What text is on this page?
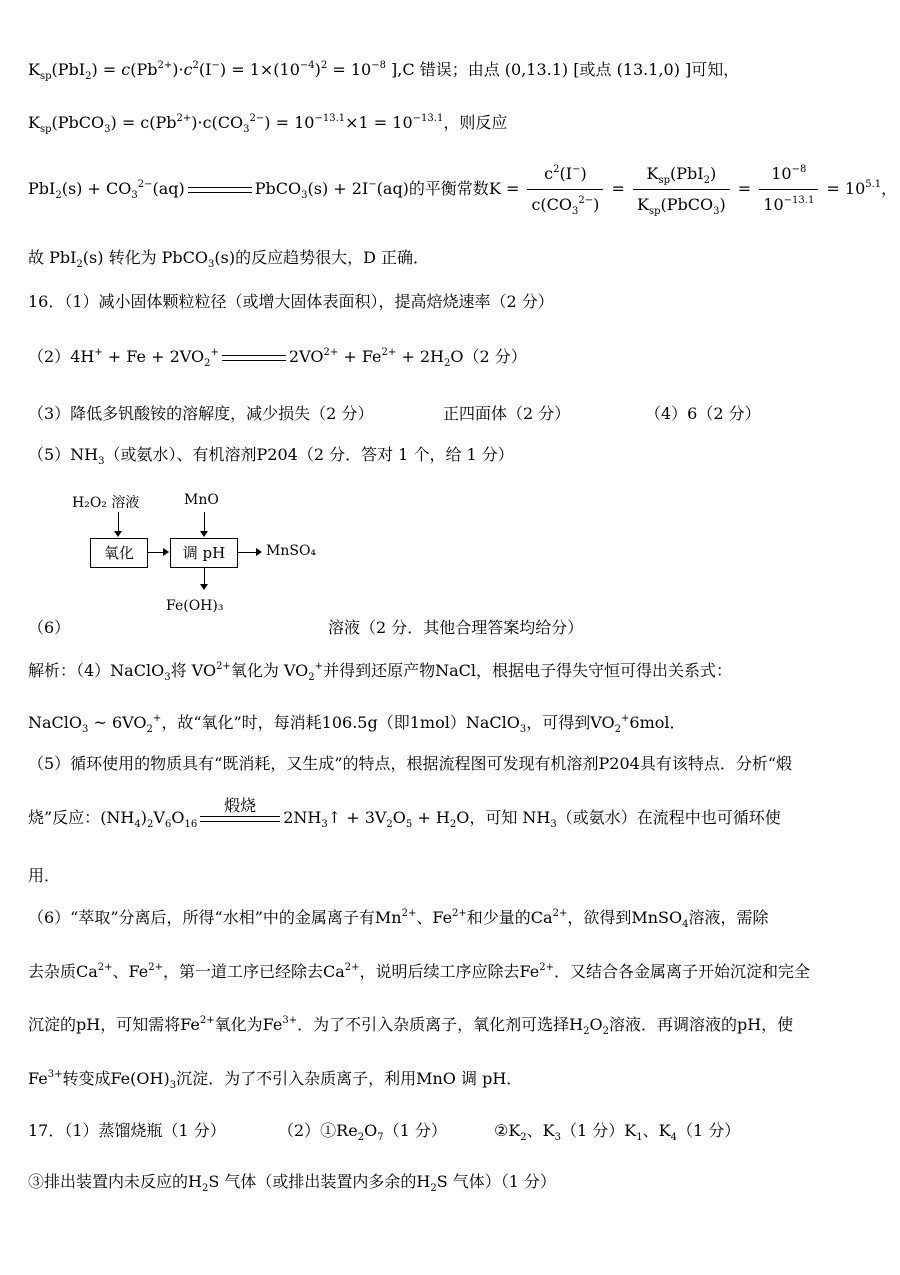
$K_{sp}(PbI_2) = c(Pb^{2+})\cdot c^2(I^-) = 1\times(10^{-4})^2 = 10^{-8}$ ],C 错误；由点 (0,13.1) [或点 (13.1,0) ]可知，
$K_{sp}(PbCO_3) = c(Pb^{2+})\cdot c(CO_3^{2-}) = 10^{-13.1}\times 1 = 10^{-13.1}$，则反应
$PbI_2(s) + CO_3^{2-}(aq)$	PbCO$_3$(s) + 2I−(aq)的平衡常数$K = \frac{c^2(I^-)}{c(CO_3^{2-})} = \frac{K_{sp}(PbI_2)}{K_{sp}(PbCO_3)} = \frac{10^{-8}}{10^{-13.1}} = 10^{5.1}$，
故 PbI$_2$(s) 转化为 PbCO$_3$(s)的反应趋势很大，D 正确．
16．（1）减小固体颗粒粒径（或增大固体表面积），提高焙烧速率（2 分）
$(2)4H^+ + Fe + 2VO_2^+$	$2VO^{2+} + Fe^{2+} + 2H_2O(2$ 分）
（3）降低多钒酸铵的溶解度，减少损失（2 分）	正四面体（2 分）	（4）6（2 分）
$(5)NH_3$（或氨水）、有机溶剂P204（2 分．答对 1 个，给 1 分）
H₂O₂ 溶液	MnO
氧化	调 pH	MnSO₄
Fe(OH)₃
（6）	溶液（2 分．其他合理答案均给分）
解析：（4）NaClO$_3$将 $VO^{2+}$氧化为 $VO_2^+$并得到还原产物NaCl，根据电子得失守恒可得出关系式：
NaClO$_3$ ~ $6VO_2^+$，故“氧化”时，每消耗106.5g（即1mol）NaClO$_3$，可得到$VO_2^+6mol$．
（5）循环使用的物质具有“既消耗，又生成”的特点，根据流程图可发现有机溶剂P204具有该特点．分析“煅
烧”反应：$(NH_4)_2V_6O_{16}$
煅烧
$2NH_3↑ + 3V_2O_5 + H_2O$，可知 $NH_3$（或氨水）在流程中也可循环使
用．
（6）“萃取”分离后，所得“水相”中的金属离子有$Mn^{2+}$、$Fe^{2+}$和少量的$Ca^{2+}$，欲得到MnSO$_4$溶液，需除
去杂质$Ca^{2+}$、$Fe^{2+}$，第一道工序已经除去$Ca^{2+}$，说明后续工序应除去$Fe^{2+}$．又结合各金属离子开始沉淀和完全
沉淀的pH，可知需将$Fe^{2+}$氧化为$Fe^{3+}$．为了不引入杂质离子，氧化剂可选择$H_2O_2$溶液．再调溶液的pH，使
$Fe^{3+}$转变成$Fe(OH)_3$沉淀．为了不引入杂质离子，利用MnO 调 pH．
17．（1）蒸馏烧瓶（1 分）	$(2)①Re_2O_7(1$ 分）	$②K_2$、$K_3(1$ 分）$K_1$、$K_4(1$ 分）
③排出装置内未反应的$H_2S$ 气体（或排出装置内多余的$H_2S$ 气体）（1 分）
